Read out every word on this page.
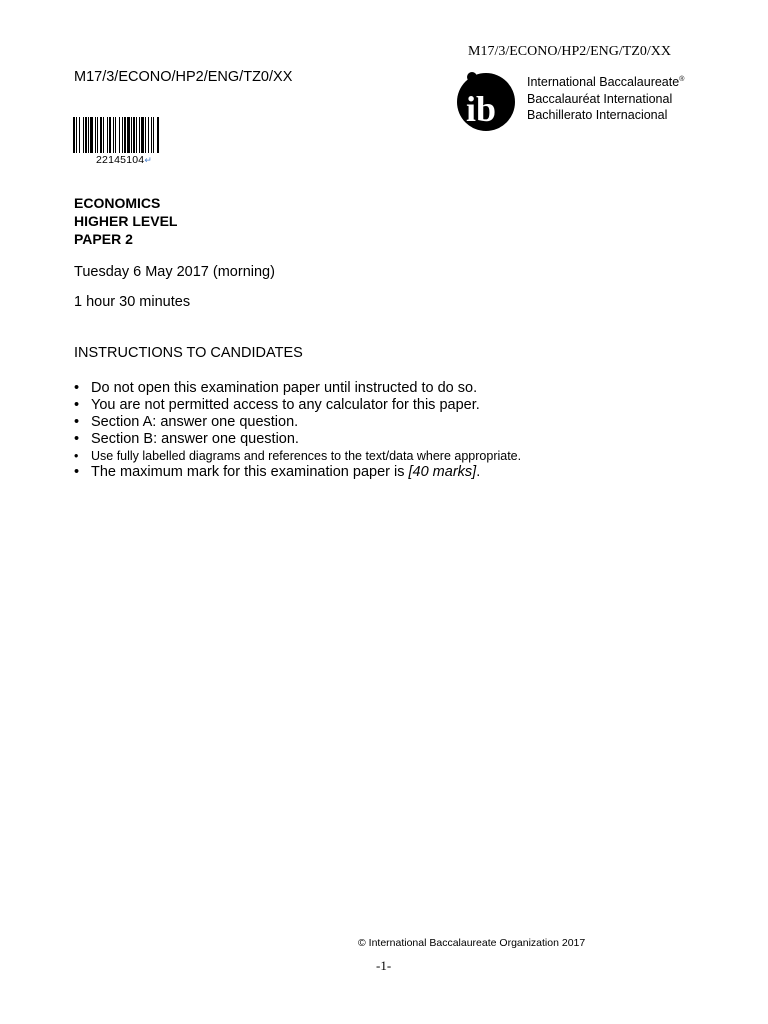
M17/3/ECONO/HP2/ENG/TZ0/XX
M17/3/ECONO/HP2/ENG/TZ0/XX
22145104↵
ib
International Baccalaureate®
Baccalauréat International
Bachillerato Internacional
ECONOMICS
HIGHER LEVEL
PAPER 2
Tuesday 6 May 2017 (morning)
1 hour 30 minutes
INSTRUCTIONS TO CANDIDATES
• Do not open this examination paper until instructed to do so.
• You are not permitted access to any calculator for this paper.
• Section A: answer one question.
• Section B: answer one question.
• Use fully labelled diagrams and references to the text/data where appropriate.
• The maximum mark for this examination paper is [40 marks].
© International Baccalaureate Organization 2017
-1-
